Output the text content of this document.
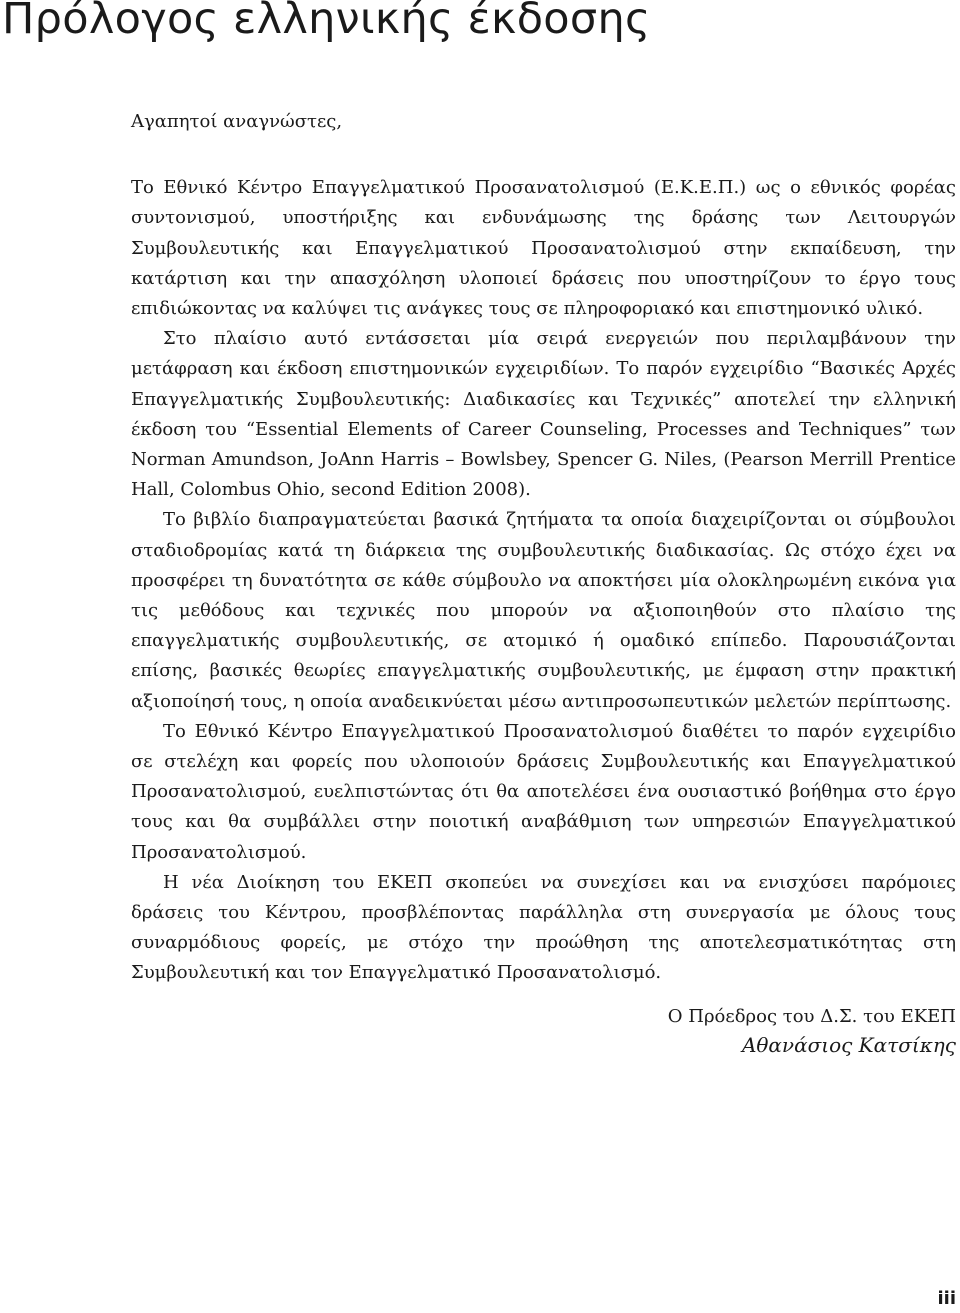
Πρόλογος ελληνικής έκδοσης

Αγαπητοί αναγνώστες,

Το Εθνικό Κέντρο Επαγγελματικού Προσανατολισμού (Ε.Κ.Ε.Π.) ως ο εθνικός φορέας συντονισμού, υποστήριξης και ενδυνάμωσης της δράσης των Λειτουργών Συμβουλευτικής και Επαγγελματικού Προσανατολισμού στην εκπαίδευση, την κατάρτιση και την απασχόληση υλοποιεί δράσεις που υποστηρίζουν το έργο τους επιδιώκοντας να καλύψει τις ανάγκες τους σε πληροφοριακό και επιστημονικό υλικό.

Στο πλαίσιο αυτό εντάσσεται μία σειρά ενεργειών που περιλαμβάνουν την μετάφραση και έκδοση επιστημονικών εγχειριδίων. Το παρόν εγχειρίδιο “Βασικές Αρχές Επαγγελματικής Συμβουλευτικής: Διαδικασίες και Τεχνικές” αποτελεί την ελληνική έκδοση του “Essential Elements of Career Counseling, Processes and Techniques” των Norman Amundson, JoAnn Harris – Bowlsbey, Spencer G. Niles, (Pearson Merrill Prentice Hall, Colombus Ohio, second Edition 2008).

Το βιβλίο διαπραγματεύεται βασικά ζητήματα τα οποία διαχειρίζονται οι σύμβουλοι σταδιοδρομίας κατά τη διάρκεια της συμβουλευτικής διαδικασίας. Ως στόχο έχει να προσφέρει τη δυνατότητα σε κάθε σύμβουλο να αποκτήσει μία ολοκληρωμένη εικόνα για τις μεθόδους και τεχνικές που μπορούν να αξιοποιηθούν στο πλαίσιο της επαγγελματικής συμβουλευτικής, σε ατομικό ή ομαδικό επίπεδο. Παρουσιάζονται επίσης, βασικές θεωρίες επαγγελματικής συμβουλευτικής, με έμφαση στην πρακτική αξιοποίησή τους, η οποία αναδεικνύεται μέσω αντιπροσωπευτικών μελετών περίπτωσης.

Το Εθνικό Κέντρο Επαγγελματικού Προσανατολισμού διαθέτει το παρόν εγχειρίδιο σε στελέχη και φορείς που υλοποιούν δράσεις Συμβουλευτικής και Επαγγελματικού Προσανατολισμού, ευελπιστώντας ότι θα αποτελέσει ένα ουσιαστικό βοήθημα στο έργο τους και θα συμβάλλει στην ποιοτική αναβάθμιση των υπηρεσιών Επαγγελματικού Προσανατολισμού.

Η νέα Διοίκηση του ΕΚΕΠ σκοπεύει να συνεχίσει και να ενισχύσει παρόμοιες δράσεις του Κέντρου, προσβλέποντας παράλληλα στη συνεργασία με όλους τους συναρμόδιους φορείς, με στόχο την προώθηση της αποτελεσματικότητας στη Συμβουλευτική και τον Επαγγελματικό Προσανατολισμό.

Ο Πρόεδρος του Δ.Σ. του ΕΚΕΠ
Αθανάσιος Κατσίκης
iii
